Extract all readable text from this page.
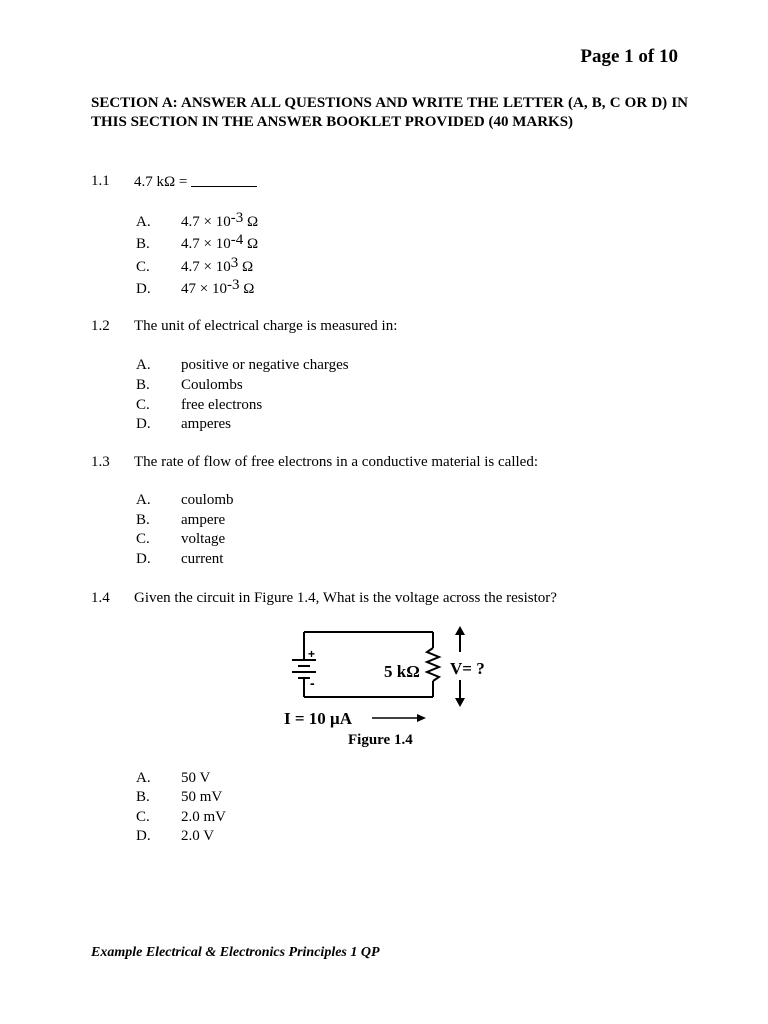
Page 1 of 10
SECTION A: ANSWER ALL QUESTIONS AND WRITE THE LETTER (A, B, C OR D) IN THIS SECTION IN THE ANSWER BOOKLET PROVIDED (40 MARKS)
1.1 4.7 kΩ =
A. $4.7 \times 10^{-3}$ Ω
B. $4.7 \times 10^{-4}$ Ω
C. $4.7 \times 10^3$ Ω
D. $47 \times 10^{-3}$ Ω
1.2 The unit of electrical charge is measured in:
A. positive or negative charges
B. Coulombs
C. free electrons
D. amperes
1.3 The rate of flow of free electrons in a conductive material is called:
A. coulomb
B. ampere
C. voltage
D. current
1.4 Given the circuit in Figure 1.4, What is the voltage across the resistor?
+
-
5 kΩ V= ?
I = 10 μA
Figure 1.4
A. 50 V
B. 50 mV
C. 2.0 mV
D. 2.0 V
Example Electrical & Electronics Principles 1 QP
